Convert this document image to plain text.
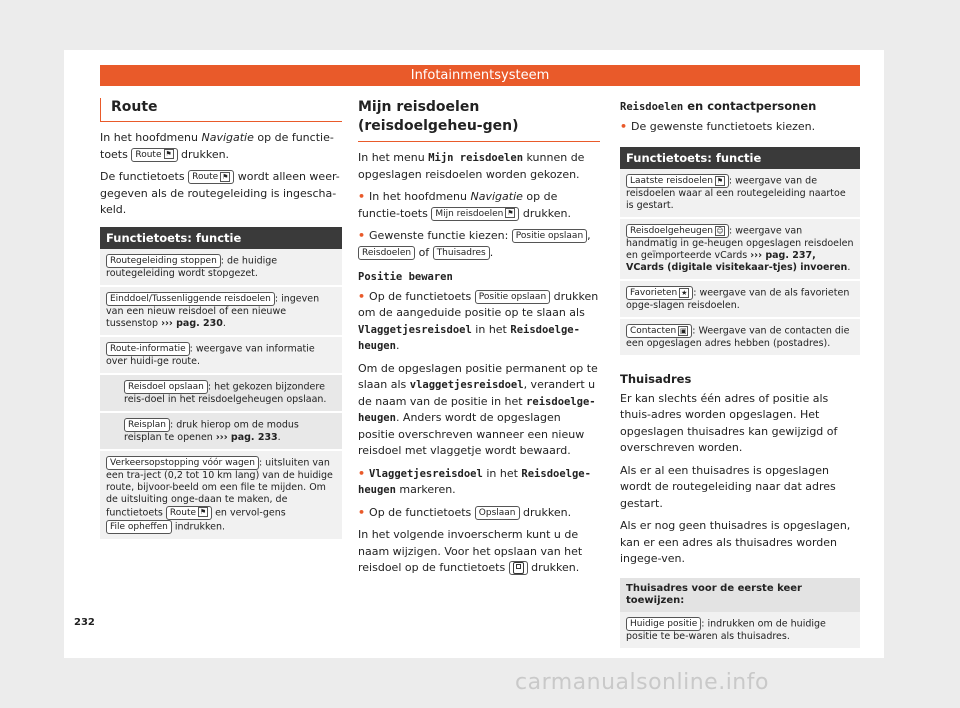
Infotainmentsysteem
Route

In het hoofdmenu Navigatie op de functie-toets Route ⚑ drukken.

De functietoets Route ⚑ wordt alleen weer-gegeven als de routegeleiding is ingescha-keld.

Functietoets: functie
Routegeleiding stoppen : de huidige routegeleiding wordt stopgezet.
Einddoel/Tussenliggende reisdoelen : ingeven van een nieuw reisdoel of een nieuwe tussenstop ››› pag. 230.
Route-informatie : weergave van informatie over huidi-ge route.
Reisdoel opslaan : het gekozen bijzondere reis-doel in het reisdoelgeheugen opslaan.
Reisplan : druk hierop om de modus reisplan te openen ››› pag. 233.
Verkeersopstopping vóór wagen : uitsluiten van een tra-ject (0,2 tot 10 km lang) van de huidige route, bijvoor-beeld om een file te mijden. Om de uitsluiting onge-daan te maken, de functietoets Route ⚑ en vervol-gens File opheffen indrukken.
Mijn reisdoelen (reisdoelgeheu-gen)

In het menu Mijn reisdoelen kunnen de opgeslagen reisdoelen worden gekozen.

• In het hoofdmenu Navigatie op de functie-toets Mijn reisdoelen ⚑ drukken.

• Gewenste functie kiezen: Positie opslaan , Reisdoelen of Thuisadres .

Positie bewaren

• Op de functietoets Positie opslaan drukken om de aangeduide positie op te slaan als Vlaggetjesreisdoel in het Reisdoelge-heugen.

Om de opgeslagen positie permanent op te slaan als vlaggetjesreisdoel, verandert u de naam van de positie in het reisdoelge-heugen. Anders wordt de opgeslagen positie overschreven wanneer een nieuw reisdoel met vlaggetje wordt bewaard.

• Vlaggetjesreisdoel in het Reisdoelge-heugen markeren.

• Op de functietoets Opslaan drukken.

In het volgende invoerscherm kunt u de naam wijzigen. Voor het opslaan van het reisdoel op de functietoets  drukken.

Reisdoelen en contactpersonen

• De gewenste functietoets kiezen.

Functietoets: functie
Laatste reisdoelen ⚑ : weergave van de reisdoelen waar al een routegeleiding naartoe is gestart.
Reisdoelgeheugen ☺ : weergave van handmatig in ge-heugen opgeslagen reisdoelen en geïmporteerde vCards ››› pag. 237, VCards (digitale visitekaar-tjes) invoeren.
Favorieten ★ : weergave van de als favorieten opge-slagen reisdoelen.
Contacten ▣ : Weergave van de contacten die een opgeslagen adres hebben (postadres).
Thuisadres

Er kan slechts één adres of positie als thuis-adres worden opgeslagen. Het opgeslagen thuisadres kan gewijzigd of overschreven worden.

Als er al een thuisadres is opgeslagen wordt de routegeleiding naar dat adres gestart.

Als er nog geen thuisadres is opgeslagen, kan er een adres als thuisadres worden ingege-ven.

Thuisadres voor de eerste keer toewijzen:
Huidige positie : indrukken om de huidige positie te be-waren als thuisadres.
232
carmanualsonline.info
